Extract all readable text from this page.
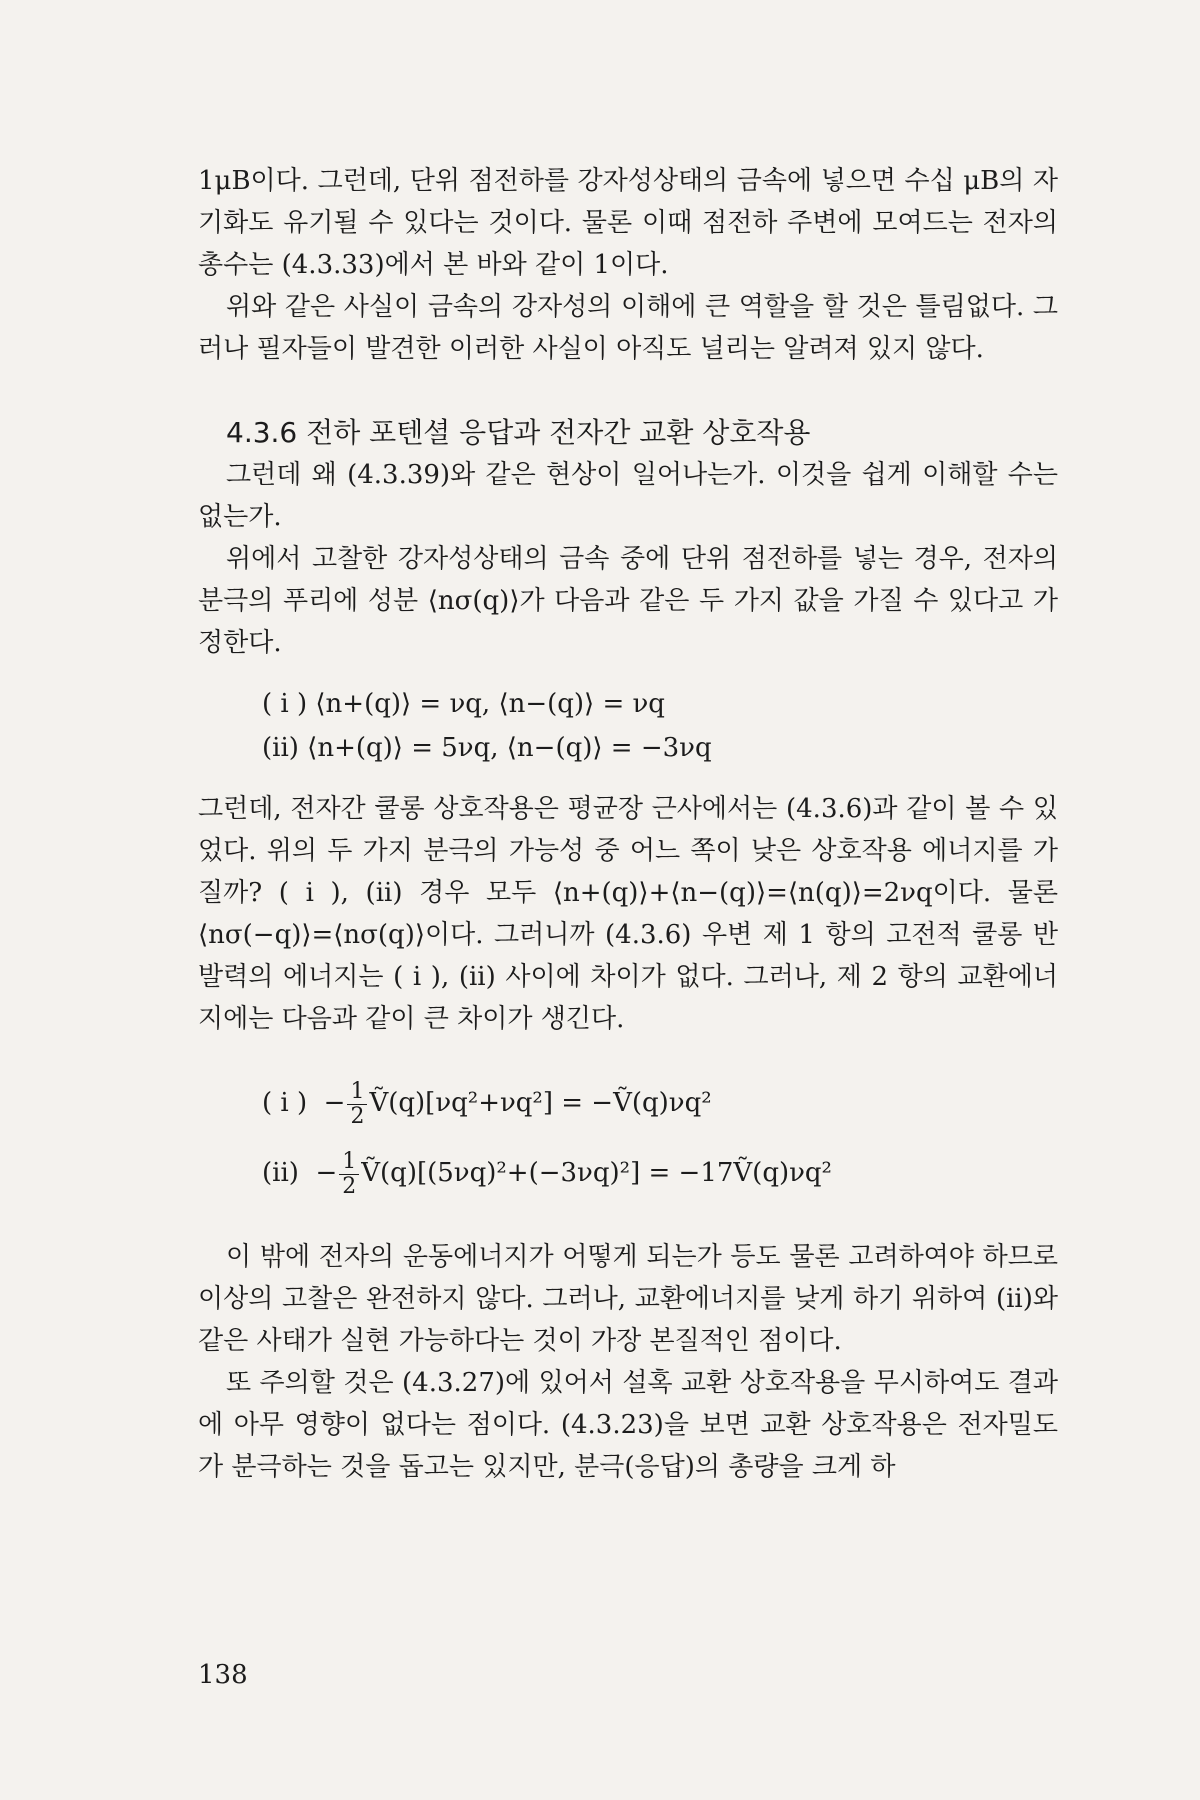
1μB이다. 그런데, 단위 점전하를 강자성상태의 금속에 넣으면 수십 μB의 자기화도 유기될 수 있다는 것이다. 물론 이때 점전하 주변에 모여드는 전자의 총수는 (4.3.33)에서 본 바와 같이 1이다.

위와 같은 사실이 금속의 강자성의 이해에 큰 역할을 할 것은 틀림없다. 그러나 필자들이 발견한 이러한 사실이 아직도 널리는 알려져 있지 않다.

4.3.6 전하 포텐셜 응답과 전자간 교환 상호작용

그런데 왜 (4.3.39)와 같은 현상이 일어나는가. 이것을 쉽게 이해할 수는 없는가.

위에서 고찰한 강자성상태의 금속 중에 단위 점전하를 넣는 경우, 전자의 분극의 푸리에 성분 ⟨nσ(q)⟩가 다음과 같은 두 가지 값을 가질 수 있다고 가정한다.

( i ) ⟨n+(q)⟩ = νq, ⟨n−(q)⟩ = νq
(ii) ⟨n+(q)⟩ = 5νq, ⟨n−(q)⟩ = −3νq

그런데, 전자간 쿨롱 상호작용은 평균장 근사에서는 (4.3.6)과 같이 볼 수 있었다. 위의 두 가지 분극의 가능성 중 어느 쪽이 낮은 상호작용 에너지를 가질까? ( i ), (ii) 경우 모두 ⟨n+(q)⟩+⟨n−(q)⟩=⟨n(q)⟩=2νq이다. 물론 ⟨nσ(−q)⟩=⟨nσ(q)⟩이다. 그러니까 (4.3.6) 우변 제 1 항의 고전적 쿨롱 반발력의 에너지는 ( i ), (ii) 사이에 차이가 없다. 그러나, 제 2 항의 교환에너지에는 다음과 같이 큰 차이가 생긴다.

( i ) − $\frac{1}{2}$ Ṽ(q)[νq²+νq²] = −Ṽ(q)νq²
$(ii) - \frac{1}{2}$ Ṽ(q)[(5νq)²+(−3νq)²] = −17Ṽ(q)νq²

이 밖에 전자의 운동에너지가 어떻게 되는가 등도 물론 고려하여야 하므로 이상의 고찰은 완전하지 않다. 그러나, 교환에너지를 낮게 하기 위하여 (ii)와 같은 사태가 실현 가능하다는 것이 가장 본질적인 점이다.

또 주의할 것은 (4.3.27)에 있어서 설혹 교환 상호작용을 무시하여도 결과에 아무 영향이 없다는 점이다. (4.3.23)을 보면 교환 상호작용은 전자밀도가 분극하는 것을 돕고는 있지만, 분극(응답)의 총량을 크게 하

138
